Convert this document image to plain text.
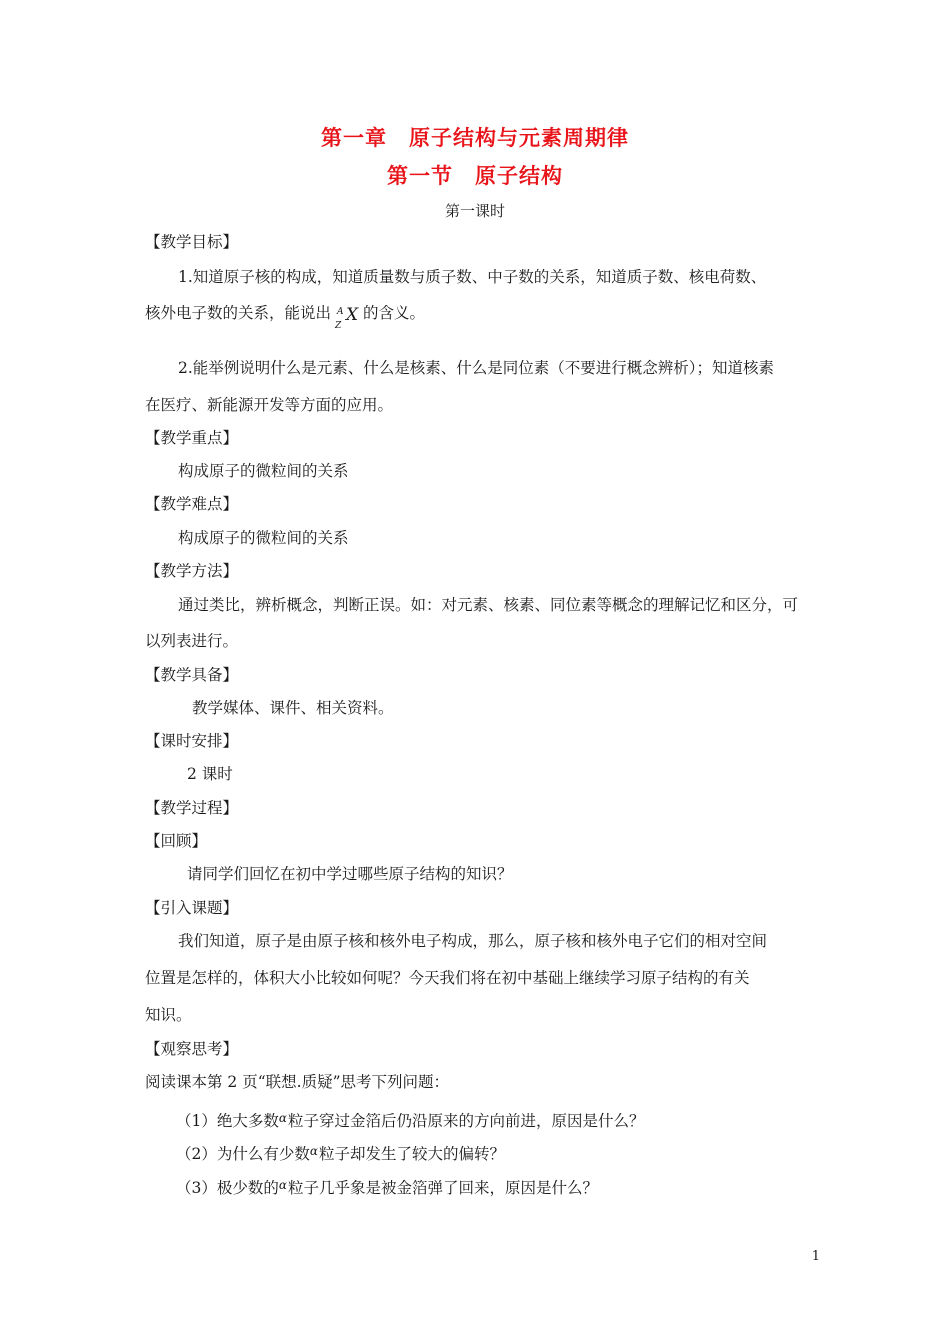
第一章　原子结构与元素周期律
第一节　原子结构
第一课时
【教学目标】
1.知道原子核的构成，知道质量数与质子数、中子数的关系，知道质子数、核电荷数、
核外电子数的关系，能说出 A
Z
X 的含义。
2.能举例说明什么是元素、什么是核素、什么是同位素（不要进行概念辨析）；知道核素
在医疗、新能源开发等方面的应用。
【教学重点】
构成原子的微粒间的关系
【教学难点】
构成原子的微粒间的关系
【教学方法】
通过类比，辨析概念，判断正误。如：对元素、核素、同位素等概念的理解记忆和区分，可
以列表进行。
【教学具备】
教学媒体、课件、相关资料。
【课时安排】
2 课时
【教学过程】
【回顾】
请同学们回忆在初中学过哪些原子结构的知识？
【引入课题】
我们知道，原子是由原子核和核外电子构成，那么，原子核和核外电子它们的相对空间
位置是怎样的，体积大小比较如何呢？今天我们将在初中基础上继续学习原子结构的有关
知识。
【观察思考】
阅读课本第 2 页“联想.质疑”思考下列问题：
（1）绝大多数α粒子穿过金箔后仍沿原来的方向前进，原因是什么？
（2）为什么有少数α粒子却发生了较大的偏转？
（3）极少数的α粒子几乎象是被金箔弹了回来，原因是什么？
1
